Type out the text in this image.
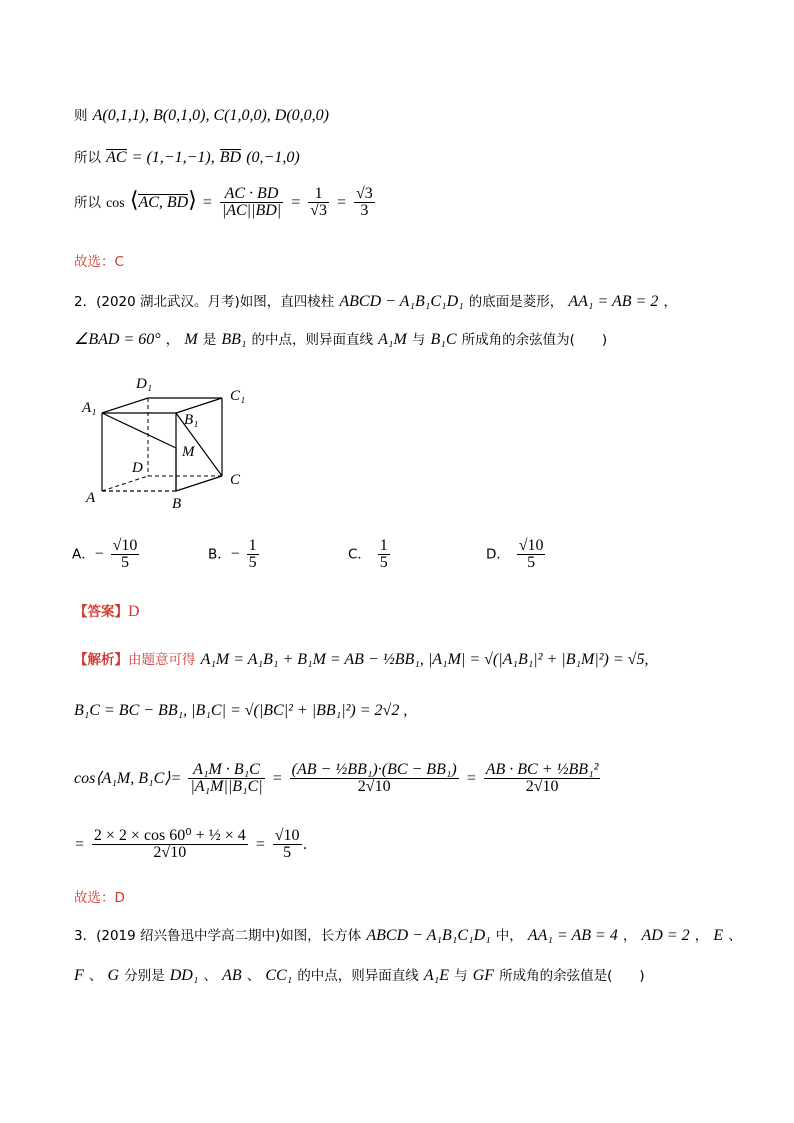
则 A(0,1,1), B(0,1,0), C(1,0,0), D(0,0,0)
所以 AC = (1,−1,−1), BD (0,−1,0)
所以 cos ⟨AC, BD⟩ = $\frac{AC \cdot BD}{|AC||BD|} = \frac{1}{√3} = \frac{√3}{3}$
故选：C
2．(2020 湖北武汉。月考)如图，直四棱柱 ABCD − A₁B₁C₁D₁ 的底面是菱形， AA₁ = AB = 2 ，
∠BAD = 60° ， M 是 BB₁ 的中点，则异面直线 A₁M 与 B₁C 所成角的余弦值为(　　)
A₁
D₁
C₁
B₁
M
D
C
A	B
A．− $\frac{√10}{5}$	B．− $\frac{1}{5}$	C． $\frac{1}{5}$	D． $\frac{√10}{5}$
【答案】D
【解析】由题意可得 A₁M = A₁B₁ + B₁M = AB − ½BB₁, |A₁M| = √(|A₁B₁|² + |B₁M|²) = √5,
B₁C = BC − BB₁, |B₁C| = √(|BC|² + |BB₁|²) = 2√2 ,
cos⟨A₁M, B₁C⟩= $\frac{\text{A₁M · B₁C}}{\text{|A₁M||B₁C|}} = \frac{\text{(AB − ½BB₁)·(BC − BB₁)}}{2√10} = \frac{\text{AB · BC + ½BB₁²}}{2√10}$
= $\frac{\text{2 × 2 × cos 60⁰ + ½ × 4}}{2√10} = \frac{√10}{5}$ .
故选：D
3．(2019 绍兴鲁迅中学高二期中)如图，长方体 ABCD − A₁B₁C₁D₁ 中， AA₁ = AB = 4 ， AD = 2 ， E 、
F 、 G 分别是 DD₁ 、 AB 、 CC₁ 的中点，则异面直线 A₁E 与 GF 所成角的余弦值是(　　)
